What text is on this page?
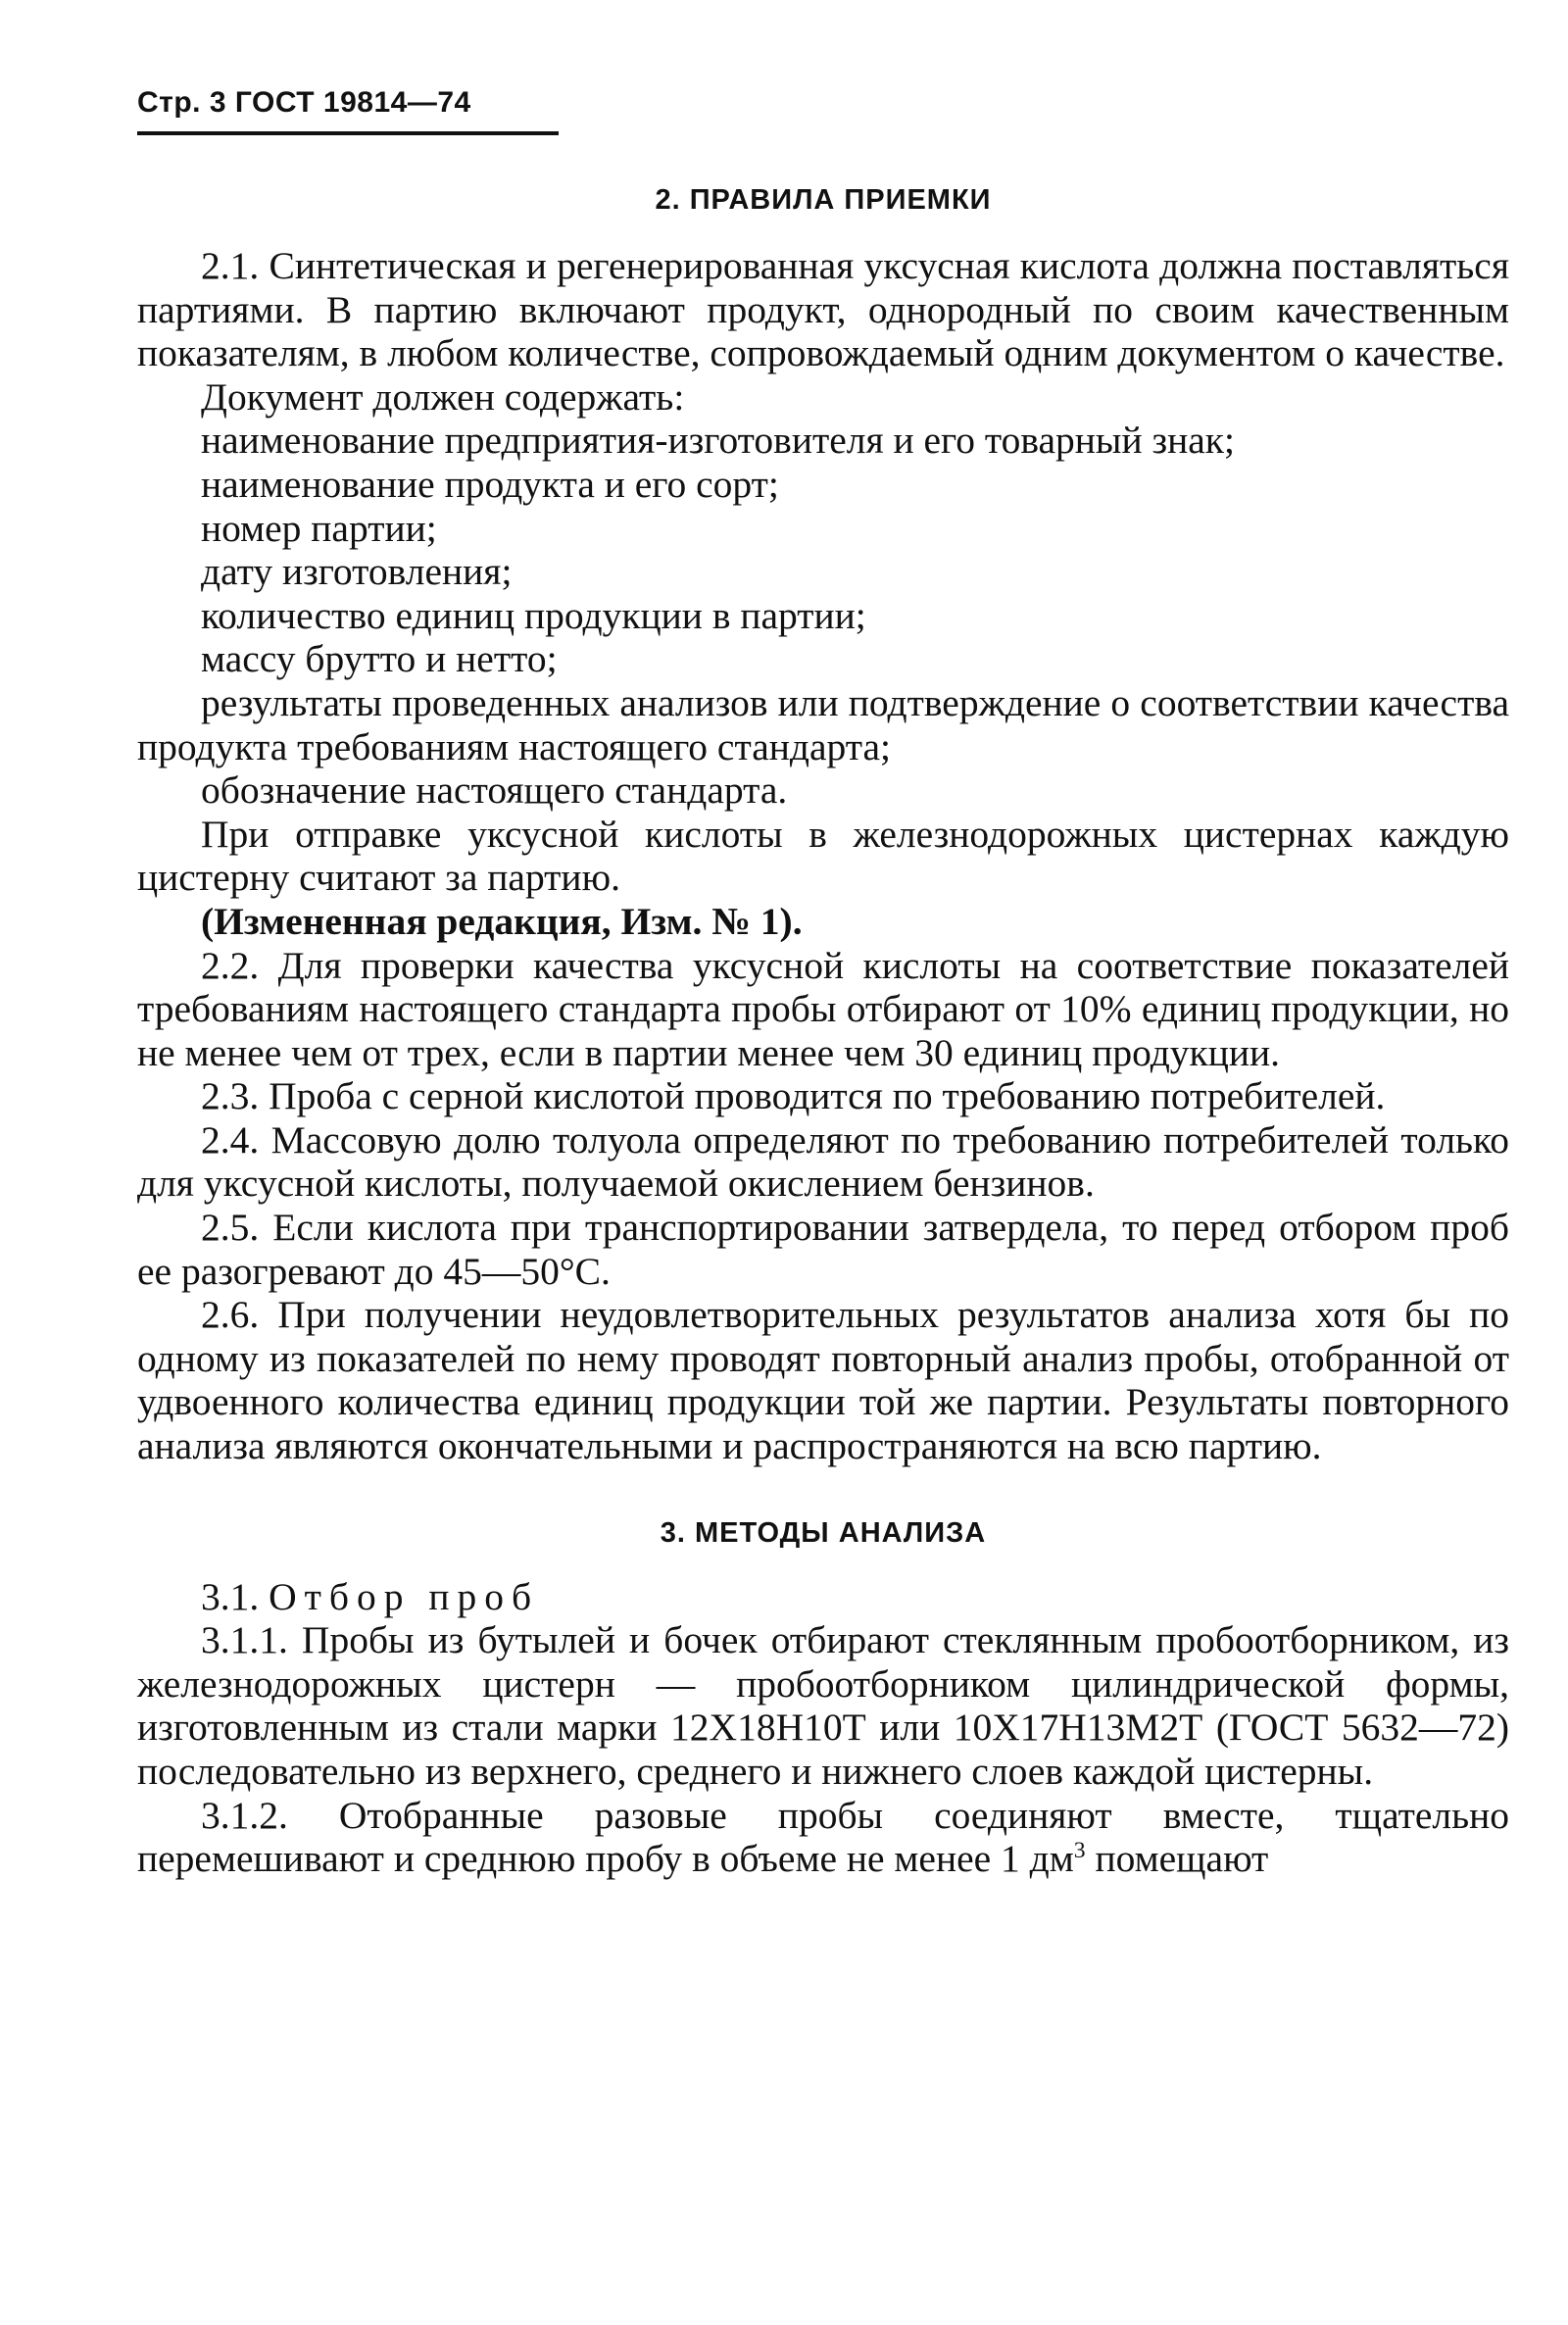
Стр. 3 ГОСТ 19814—74
2. ПРАВИЛА ПРИЕМКИ

2.1. Синтетическая и регенерированная уксусная кислота должна поставляться партиями. В партию включают продукт, однородный по своим качественным показателям, в любом количестве, сопровождаемый одним документом о качестве.

Документ должен содержать:

наименование предприятия-изготовителя и его товарный знак;

наименование продукта и его сорт;

номер партии;

дату изготовления;

количество единиц продукции в партии;

массу брутто и нетто;

результаты проведенных анализов или подтверждение о соответствии качества продукта требованиям настоящего стандарта;

обозначение настоящего стандарта.

При отправке уксусной кислоты в железнодорожных цистернах каждую цистерну считают за партию.

(Измененная редакция, Изм. № 1).

2.2. Для проверки качества уксусной кислоты на соответствие показателей требованиям настоящего стандарта пробы отбирают от 10% единиц продукции, но не менее чем от трех, если в партии менее чем 30 единиц продукции.

2.3. Проба с серной кислотой проводится по требованию потребителей.

2.4. Массовую долю толуола определяют по требованию потребителей только для уксусной кислоты, получаемой окислением бензинов.

2.5. Если кислота при транспортировании затвердела, то перед отбором проб ее разогревают до 45—50°С.

2.6. При получении неудовлетворительных результатов анализа хотя бы по одному из показателей по нему проводят повторный анализ пробы, отобранной от удвоенного количества единиц продукции той же партии. Результаты повторного анализа являются окончательными и распространяются на всю партию.

3. МЕТОДЫ АНАЛИЗА

3.1. Отбор проб

3.1.1. Пробы из бутылей и бочек отбирают стеклянным пробоотборником, из железнодорожных цистерн — пробоотборником цилиндрической формы, изготовленным из стали марки 12Х18Н10Т или 10Х17Н13М2Т (ГОСТ 5632—72) последовательно из верхнего, среднего и нижнего слоев каждой цистерны.

3.1.2. Отобранные разовые пробы соединяют вместе, тщательно перемешивают и среднюю пробу в объеме не менее 1 $дм^3$ помещают
